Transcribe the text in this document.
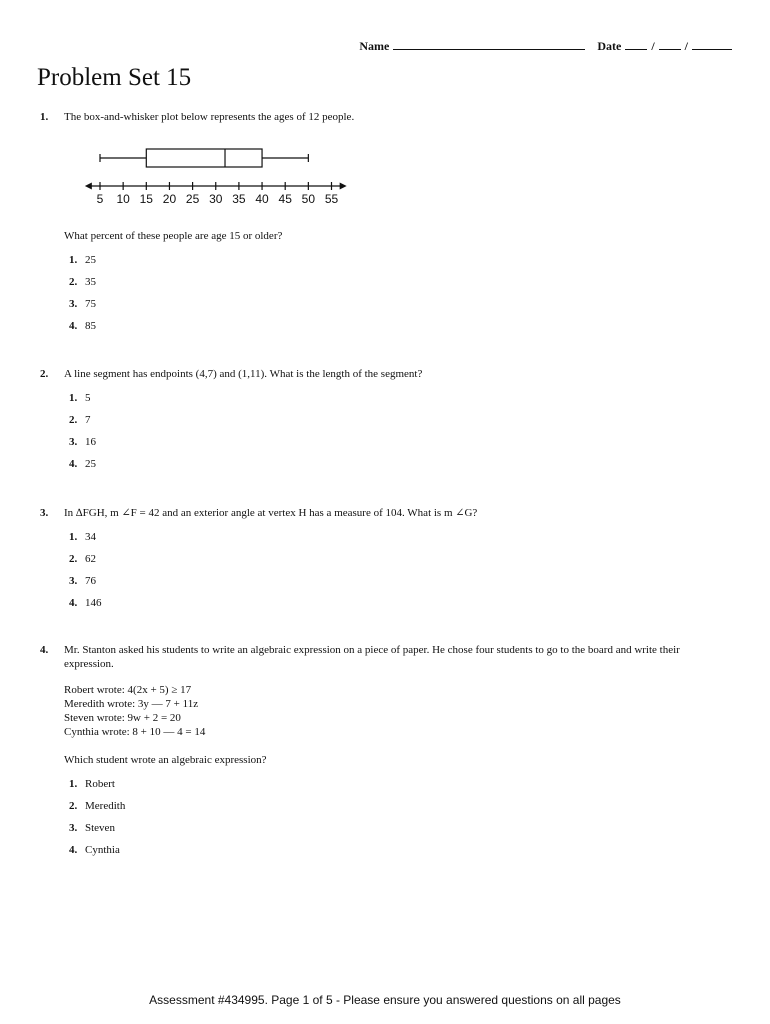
Name	Date	/	/
Problem Set 15
1. The box-and-whisker plot below represents the ages of 12 people.
5 10 15 20 25 30 35 40 45 50 55
What percent of these people are age 15 or older?
1. 25
2. 35
3. 75
4. 85
2. A line segment has endpoints (4,7) and (1,11). What is the length of the segment?
1. 5
2. 7
3. 16
4. 25
3. In ∆FGH, m ∠F = 42 and an exterior angle at vertex H has a measure of 104. What is m ∠G?
1. 34
2. 62
3. 76
4. 146
4. Mr. Stanton asked his students to write an algebraic expression on a piece of paper. He chose four students to go to the board and write their expression.
Robert wrote: 4(2x + 5) ≥ 17
Meredith wrote: 3y — 7 + 11z
Steven wrote: 9w + 2 = 20
Cynthia wrote: 8 + 10 — 4 = 14
Which student wrote an algebraic expression?
1. Robert
2. Meredith
3. Steven
4. Cynthia
Assessment #434995. Page 1 of 5 - Please ensure you answered questions on all pages
